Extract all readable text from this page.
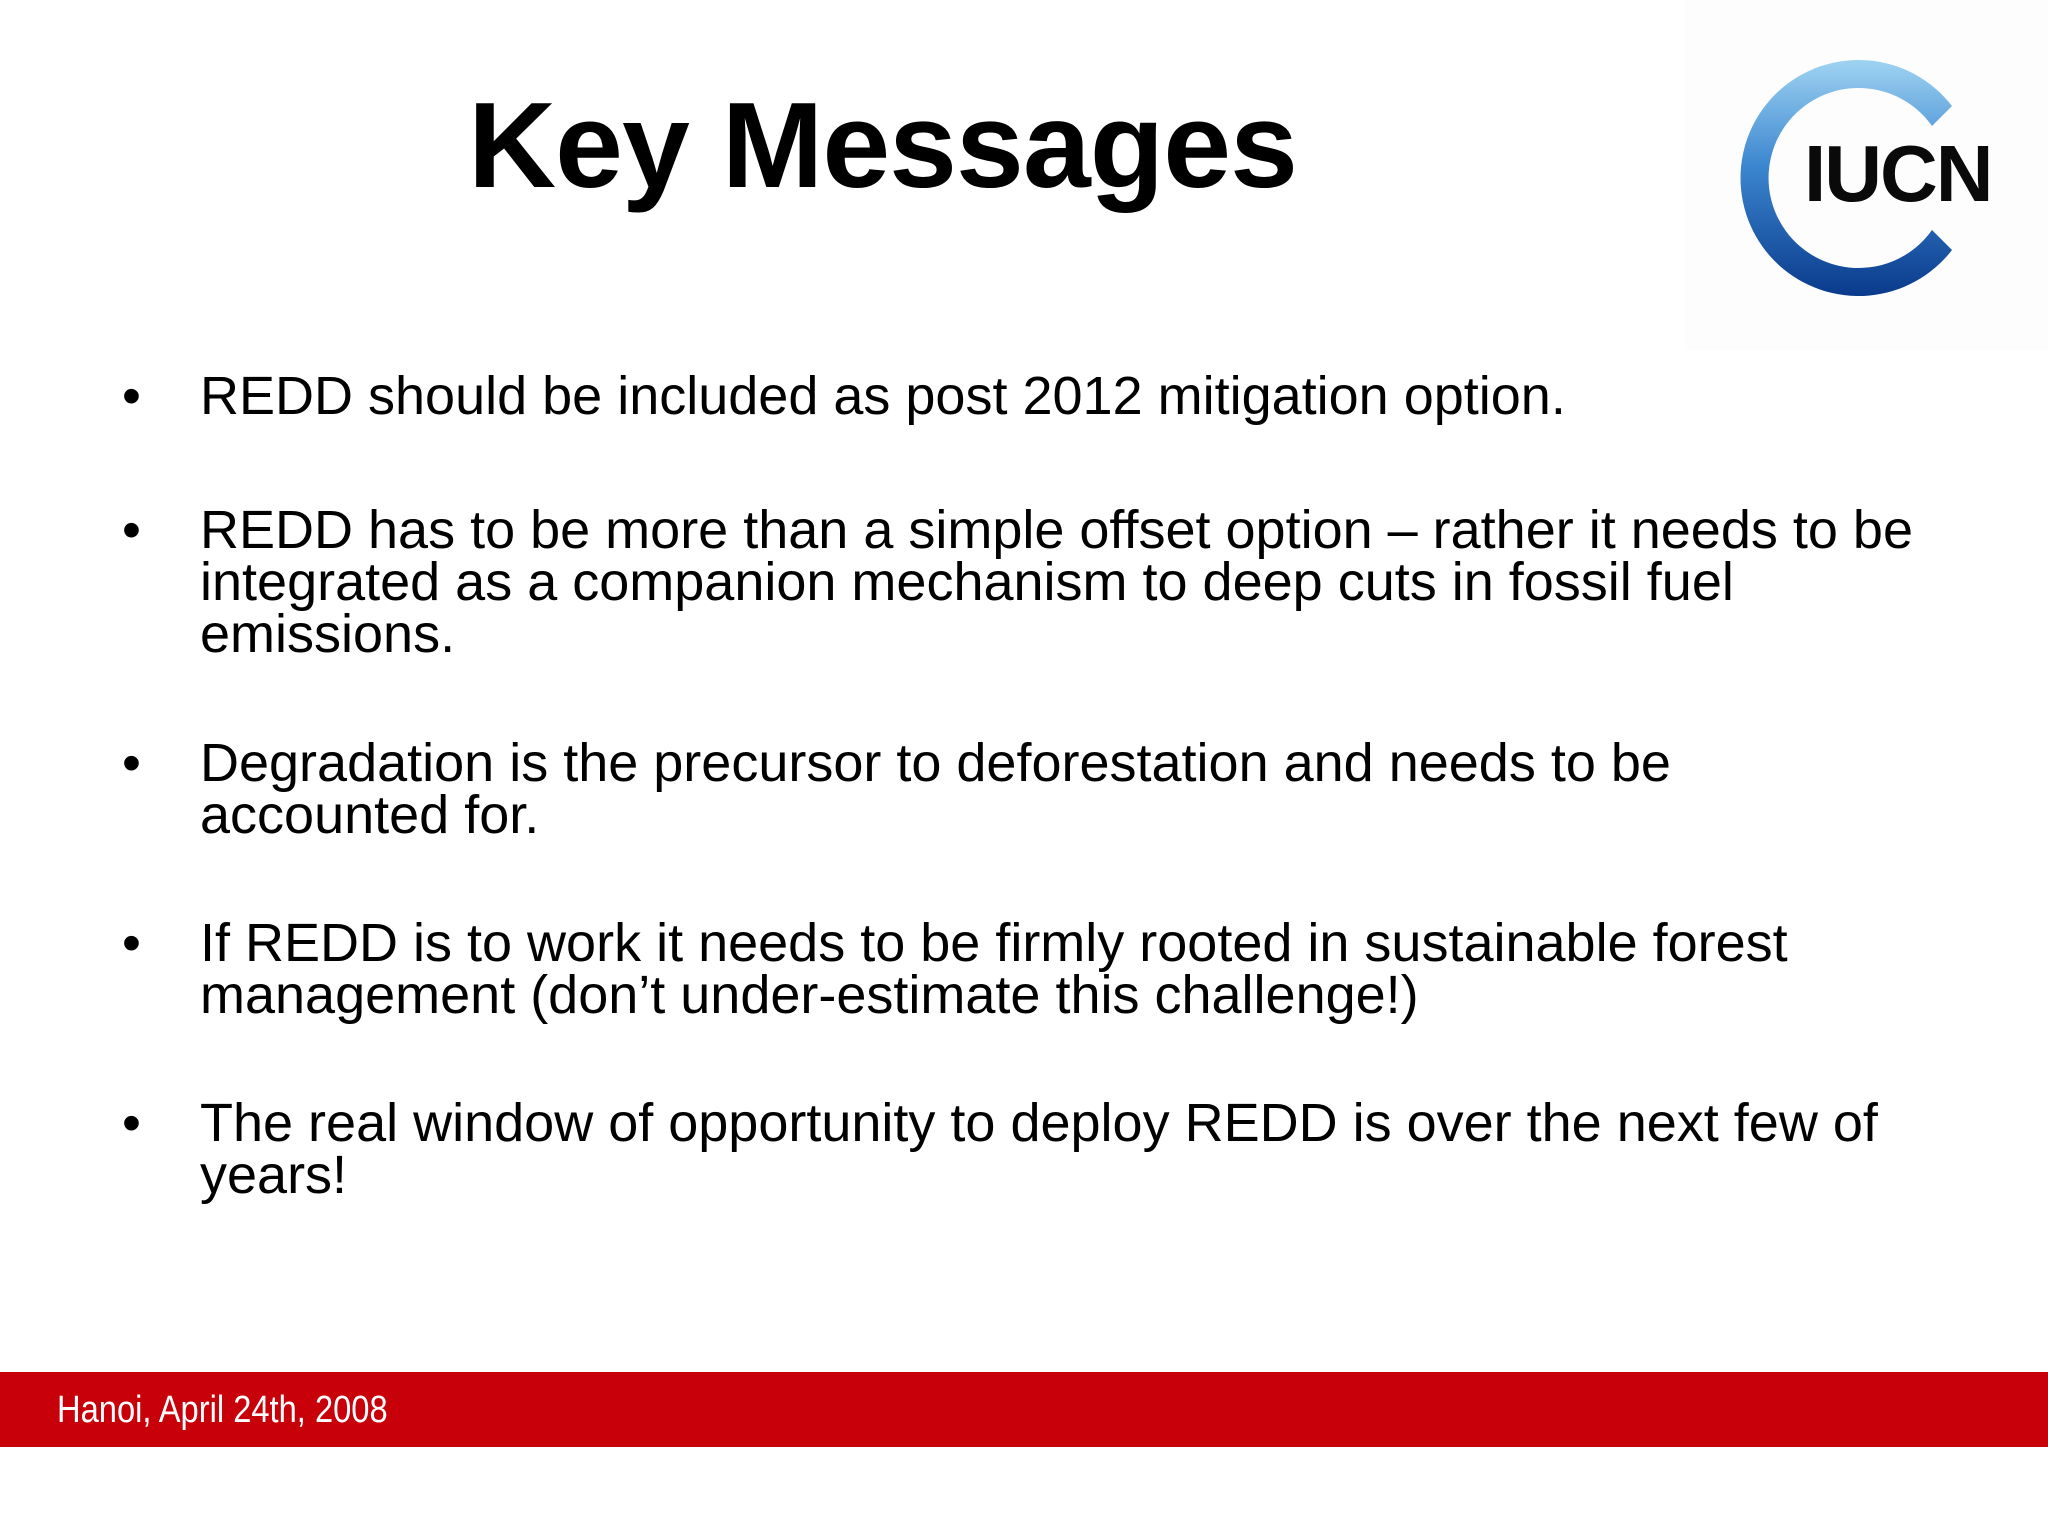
Key Messages	IUCN

• REDD should be included as post 2012 mitigation option.

• REDD has to be more than a simple offset option – rather it needs to be integrated as a companion mechanism to deep cuts in fossil fuel emissions.

• Degradation is the precursor to deforestation and needs to be accounted for.

• If REDD is to work it needs to be firmly rooted in sustainable forest management (don’t under-estimate this challenge!)

• The real window of opportunity to deploy REDD is over the next few of years!

Hanoi, April 24th, 2008
